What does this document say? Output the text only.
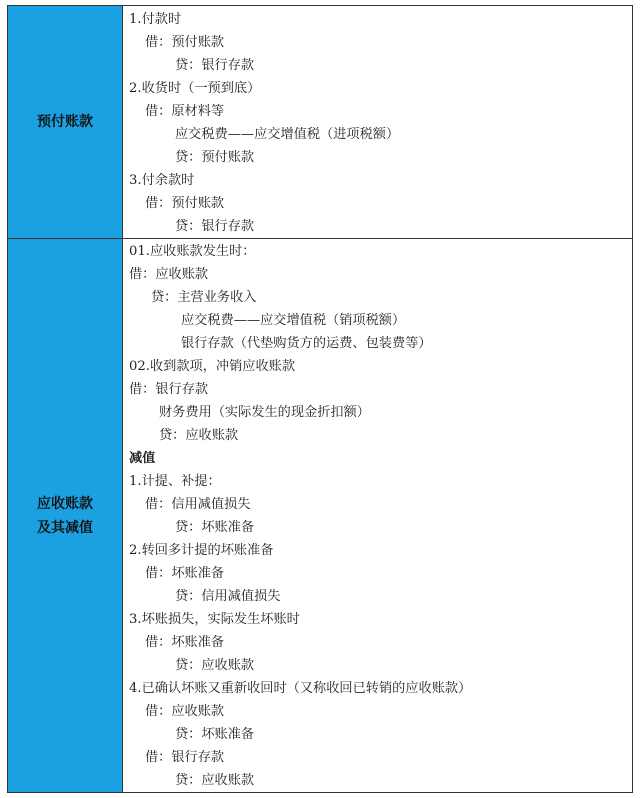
预付账款
1.付款时
借：预付账款
贷：银行存款
2.收货时（一预到底）
借：原材料等
应交税费——应交增值税（进项税额）
贷：预付账款
3.付余款时
借：预付账款
贷：银行存款
应收账款
及其减值
01.应收账款发生时：
借：应收账款
贷：主营业务收入
应交税费——应交增值税（销项税额）
银行存款（代垫购货方的运费、包装费等）
02.收到款项，冲销应收账款
借：银行存款
财务费用（实际发生的现金折扣额）
贷：应收账款
减值
1.计提、补提：
借：信用减值损失
贷：坏账准备
2.转回多计提的坏账准备
借：坏账准备
贷：信用减值损失
3.坏账损失，实际发生坏账时
借：坏账准备
贷：应收账款
4.已确认坏账又重新收回时（又称收回已转销的应收账款）
借：应收账款
贷：坏账准备
借：银行存款
贷：应收账款
